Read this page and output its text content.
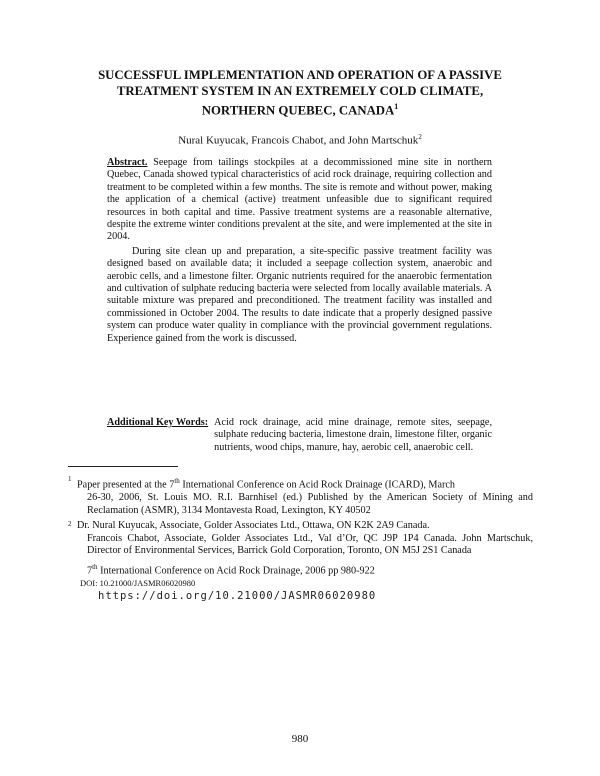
SUCCESSFUL IMPLEMENTATION AND OPERATION OF A PASSIVE
TREATMENT SYSTEM IN AN EXTREMELY COLD CLIMATE,
NORTHERN QUEBEC, CANADA$^1$
Nural Kuyucak, Francois Chabot, and John Martschuk$^2$

Abstract. Seepage from tailings stockpiles at a decommissioned mine site in northern Quebec, Canada showed typical characteristics of acid rock drainage, requiring collection and treatment to be completed within a few months. The site is remote and without power, making the application of a chemical (active) treatment unfeasible due to significant required resources in both capital and time. Passive treatment systems are a reasonable alternative, despite the extreme winter conditions prevalent at the site, and were implemented at the site in 2004.

During site clean up and preparation, a site-specific passive treatment facility was designed based on available data; it included a seepage collection system, anaerobic and aerobic cells, and a limestone filter. Organic nutrients required for the anaerobic fermentation and cultivation of sulphate reducing bacteria were selected from locally available materials. A suitable mixture was prepared and preconditioned. The treatment facility was installed and commissioned in October 2004. The results to date indicate that a properly designed passive system can produce water quality in compliance with the provincial government regulations. Experience gained from the work is discussed.

Additional Key Words: Acid rock drainage, acid mine drainage, remote sites, seepage, sulphate reducing bacteria, limestone drain, limestone filter, organic nutrients, wood chips, manure, hay, aerobic cell, anaerobic cell.
1
Paper presented at the 7th International Conference on Acid Rock Drainage (ICARD), March
26-30, 2006, St. Louis MO. R.I. Barnhisel (ed.) Published by the American Society of Mining and Reclamation (ASMR), 3134 Montavesta Road, Lexington, KY 40502
2 Dr. Nural Kuyucak, Associate, Golder Associates Ltd., Ottawa, ON K2K 2A9 Canada.
Francois Chabot, Associate, Golder Associates Ltd., Val d’Or, QC J9P 1P4 Canada. John Martschuk, Director of Environmental Services, Barrick Gold Corporation, Toronto, ON M5J 2S1 Canada
7th International Conference on Acid Rock Drainage, 2006 pp 980-922
DOI: 10.21000/JASMR06020980
https://doi.org/10.21000/JASMR06020980
980
